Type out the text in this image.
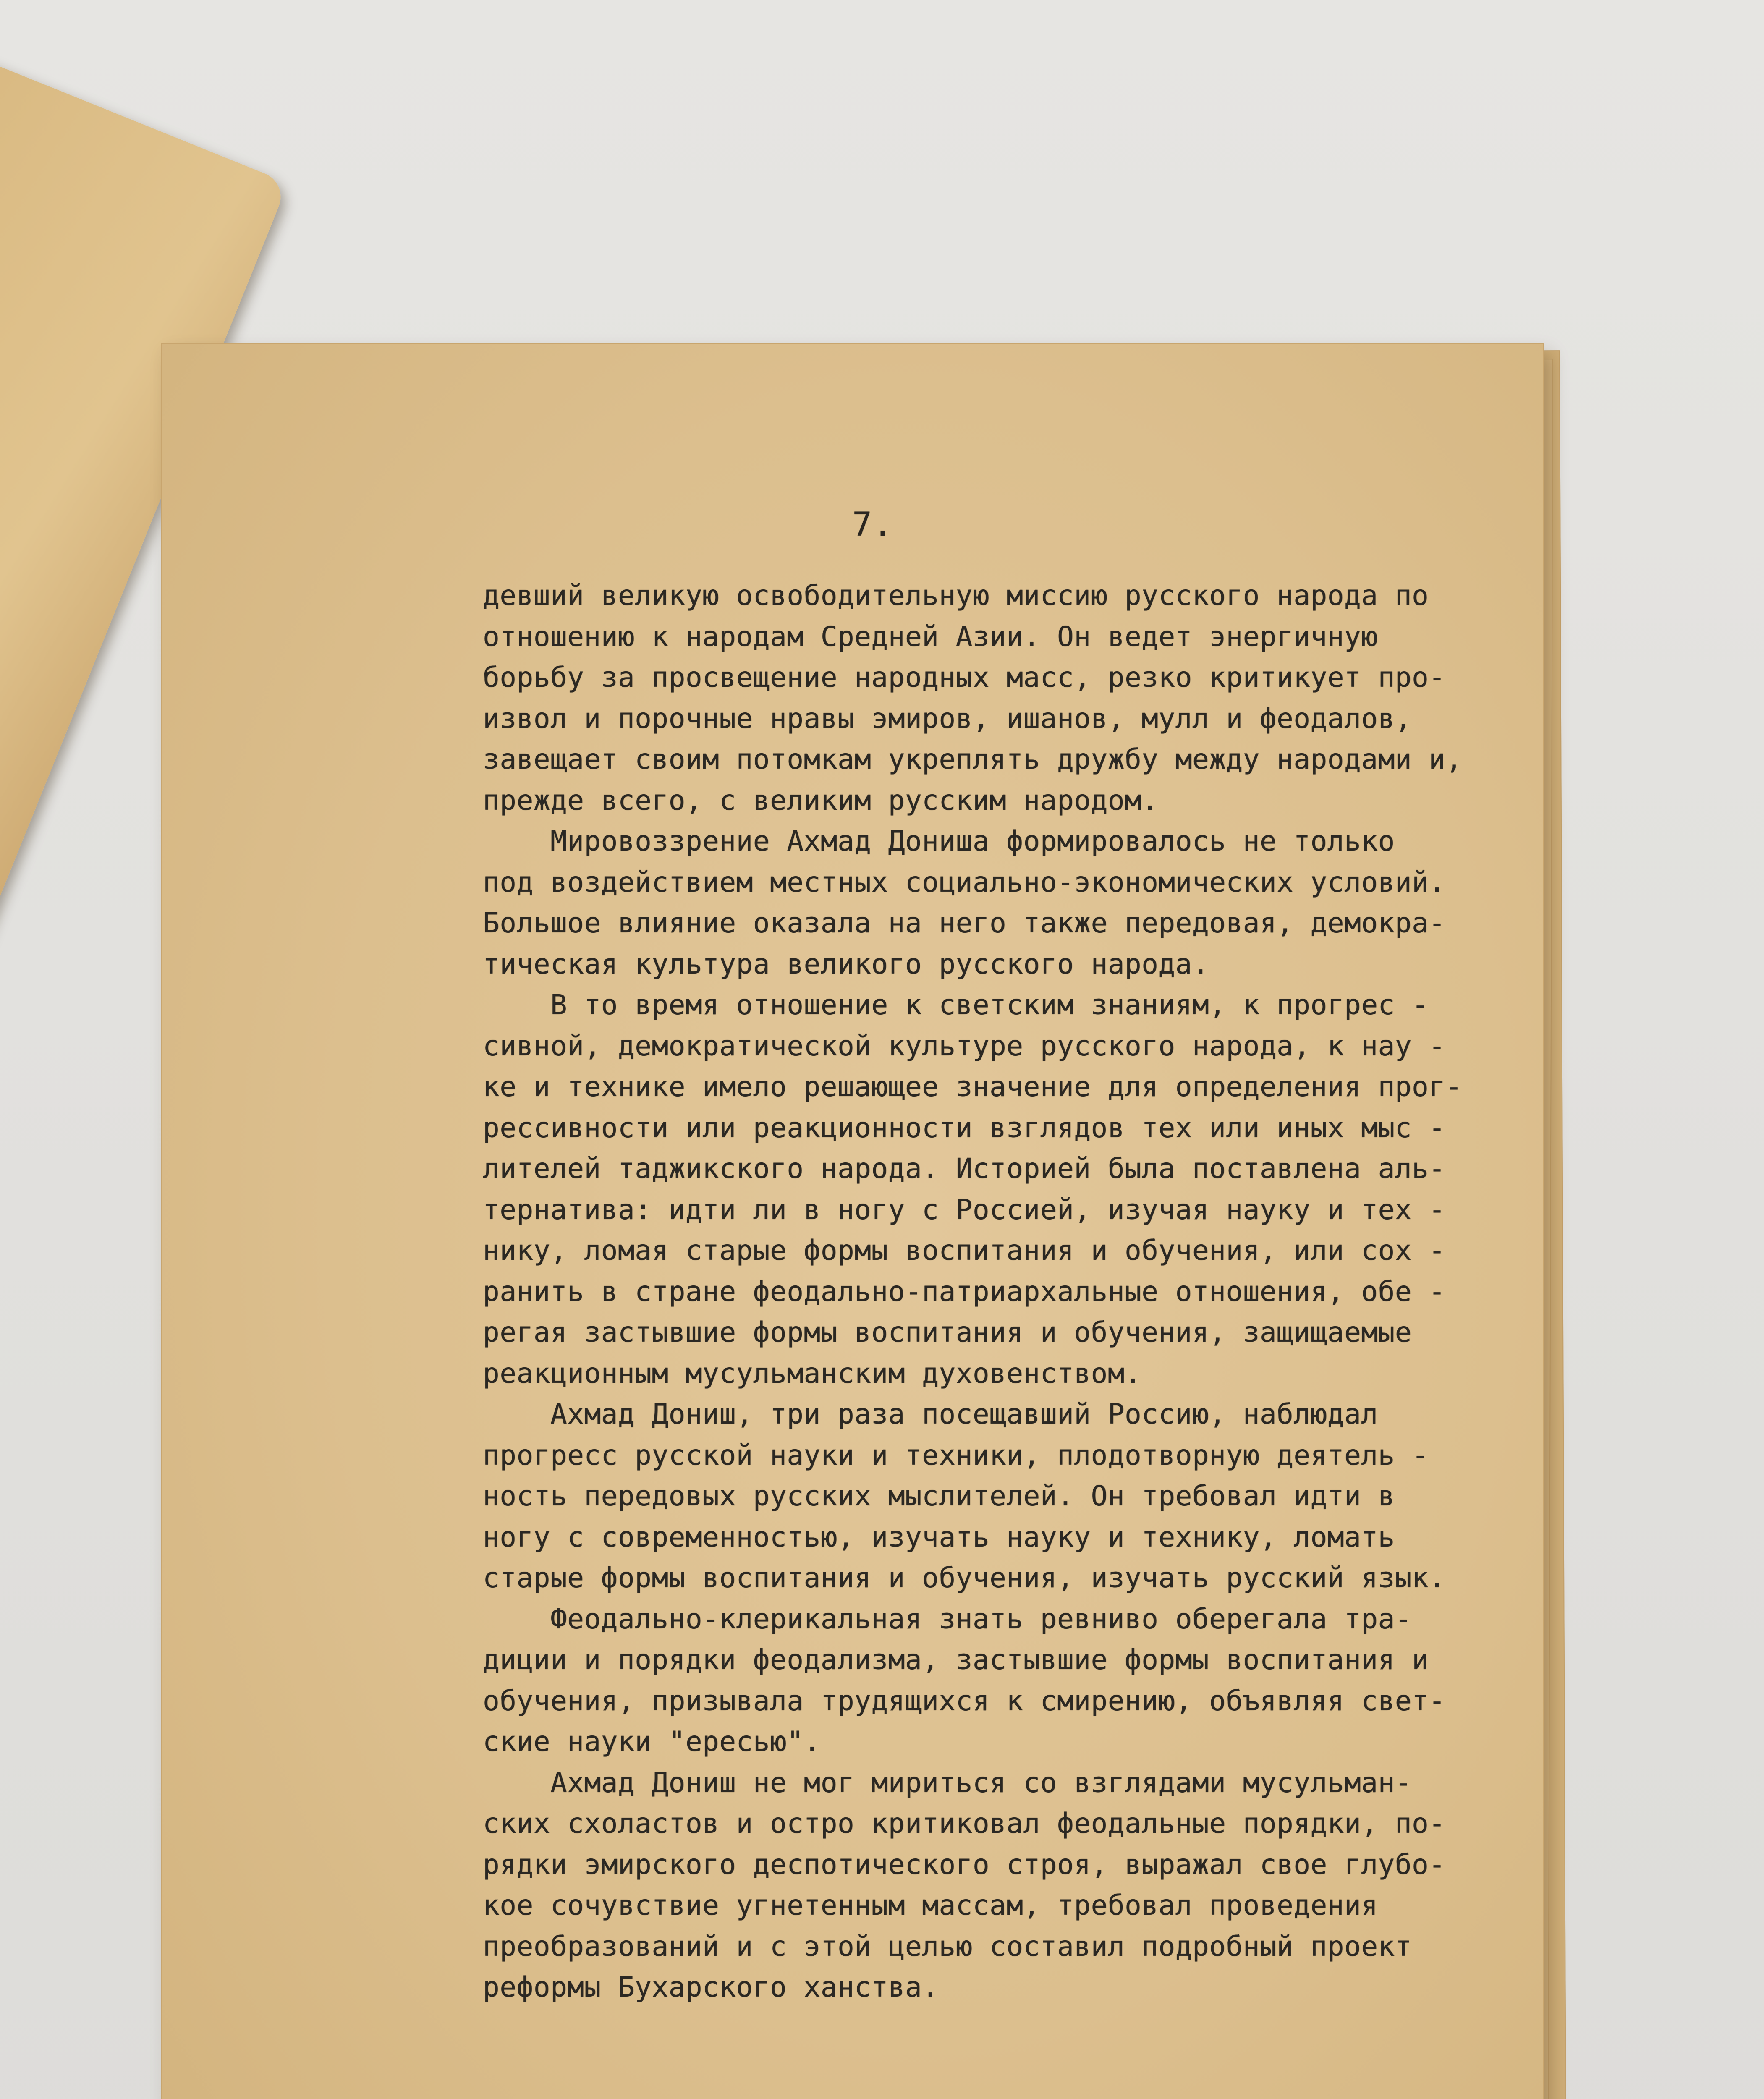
7.
девший великую освободительную миссию русского народа по
отношению к народам Средней Азии. Он ведет энергичную
борьбу за просвещение народных масс, резко критикует про-
извол и порочные нравы эмиров, ишанов, мулл и феодалов,
завещает своим потомкам укреплять дружбу между народами и,
прежде всего, с великим русским народом.
Мировоззрение Ахмад Дониша формировалось не только
под воздействием местных социально-экономических условий.
Большое влияние оказала на него также передовая, демокра-
тическая культура великого русского народа.
В то время отношение к светским знаниям, к прогрес -
сивной, демократической культуре русского народа, к нау -
ке и технике имело решающее значение для определения прог-
рессивности или реакционности взглядов тех или иных мыс -
лителей таджикского народа. Историей была поставлена аль-
тернатива: идти ли в ногу с Россией, изучая науку и тех -
нику, ломая старые формы воспитания и обучения, или сох -
ранить в стране феодально-патриархальные отношения, обе -
регая застывшие формы воспитания и обучения, защищаемые
реакционным мусульманским духовенством.
Ахмад Дониш, три раза посещавший Россию, наблюдал
прогресс русской науки и техники, плодотворную деятель -
ность передовых русских мыслителей. Он требовал идти в
ногу с современностью, изучать науку и технику, ломать
старые формы воспитания и обучения, изучать русский язык.
Феодально-клерикальная знать ревниво оберегала тра-
диции и порядки феодализма, застывшие формы воспитания и
обучения, призывала трудящихся к смирению, объявляя свет-
ские науки "ересью".
Ахмад Дониш не мог мириться со взглядами мусульман-
ских схоластов и остро критиковал феодальные порядки, по-
рядки эмирского деспотического строя, выражал свое глубо-
кое сочувствие угнетенным массам, требовал проведения
преобразований и с этой целью составил подробный проект
реформы Бухарского ханства.
